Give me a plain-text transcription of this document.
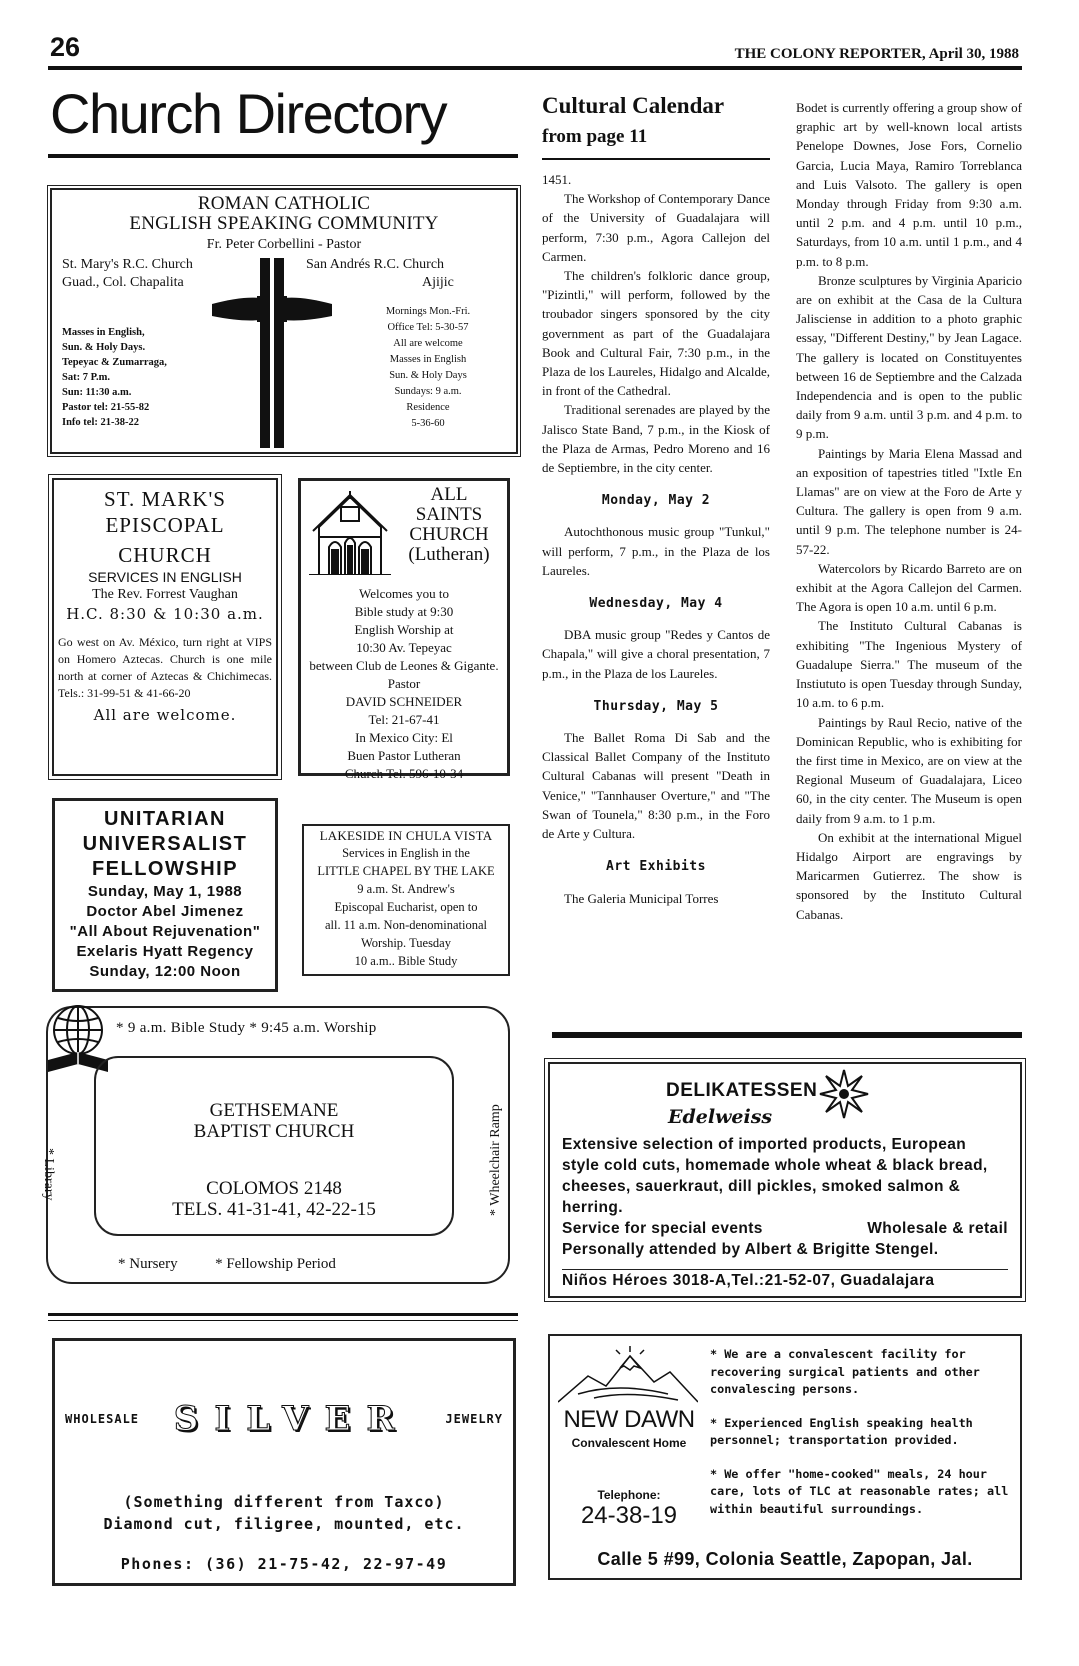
26	THE COLONY REPORTER, April 30, 1988
Church Directory
ROMAN CATHOLIC
ENGLISH SPEAKING COMMUNITY
Fr. Peter Corbellini - Pastor
St. Mary's R.C. Church
Guad., Col. Chapalita
San Andrés R.C. Church
Ajijic
Masses in English,
Sun. & Holy Days.
Tepeyac & Zumarraga,
Sat: 7 P.m.
Sun: 11:30 a.m.
Pastor tel: 21-55-82
Info tel: 21-38-22
Mornings Mon.-Fri.
Office Tel: 5-30-57
All are welcome
Masses in English
Sun. & Holy Days
Sundays: 9 a.m.
Residence
5-36-60
ST. MARK'S
EPISCOPAL
CHURCH
SERVICES IN ENGLISH
The Rev. Forrest Vaughan
H.C. 8:30 & 10:30 a.m.
Go west on Av. México, turn right at VIPS on Homero Aztecas. Church is one mile north at corner of Aztecas & Chichimecas. Tels.: 31-99-51 & 41-66-20
All are welcome.
ALL
SAINTS
CHURCH
(Lutheran)
Welcomes you to
Bible study at 9:30
English Worship at
10:30 Av. Tepeyac
between Club de Leones & Gigante. Pastor
DAVID SCHNEIDER
Tel: 21-67-41
In Mexico City: El
Buen Pastor Lutheran
Church Tel. 596-10-34
UNITARIAN
UNIVERSALIST
FELLOWSHIP
Sunday, May 1, 1988
Doctor Abel Jimenez
"All About Rejuvenation"
Exelaris Hyatt Regency
Sunday, 12:00 Noon
LAKESIDE IN CHULA VISTA
Services in English in the
LITTLE CHAPEL BY THE LAKE
9 a.m. St. Andrew's
Episcopal Eucharist, open to
all. 11 a.m. Non-denominational Worship. Tuesday
10 a.m.. Bible Study
* 9 a.m. Bible Study * 9:45 a.m. Worship
GETHSEMANE
BAPTIST CHURCH
COLOMOS 2148
TELS. 41-31-41, 42-22-15
* Library	* Wheelchair Ramp
* Nursery          * Fellowship Period
WHOLESALE SILVER	JEWELRY
(Something different from Taxco)
Diamond cut, filigree, mounted, etc.
Phones: (36) 21-75-42, 22-97-49
Cultural Calendar
from page 11

1451.

The Workshop of Contemporary Dance of the University of Guadalajara will perform, 7:30 p.m., Agora Callejon del Carmen.

The children's folkloric dance group, "Pizintli," will perform, followed by the troubador singers sponsored by the city government as part of the Guadalajara Book and Cultural Fair, 7:30 p.m., in the Plaza de los Laureles, Hidalgo and Alcalde, in front of the Cathedral.

Traditional serenades are played by the Jalisco State Band, 7 p.m., in the Kiosk of the Plaza de Armas, Pedro Moreno and 16 de Septiembre, in the city center.

Monday, May 2

Autochthonous music group "Tunkul," will perform, 7 p.m., in the Plaza de los Laureles.

Wednesday, May 4

DBA music group "Redes y Cantos de Chapala," will give a choral presentation, 7 p.m., in the Plaza de los Laureles.

Thursday, May 5

The Ballet Roma Di Sab and the Classical Ballet Company of the Instituto Cultural Cabanas will present "Death in Venice," "Tannhauser Overture," and "The Swan of Tounela," 8:30 p.m., in the Foro de Arte y Cultura.

Art Exhibits

The Galeria Municipal Torres

Bodet is currently offering a group show of graphic art by well-known local artists Penelope Downes, Jose Fors, Cornelio Garcia, Lucia Maya, Ramiro Torreblanca and Luis Valsoto. The gallery is open Monday through Friday from 9:30 a.m. until 2 p.m. and 4 p.m. until 10 p.m., Saturdays, from 10 a.m. until 1 p.m., and 4 p.m. to 8 p.m.

Bronze sculptures by Virginia Aparicio are on exhibit at the Casa de la Cultura Jalisciense in addition to a photo graphic essay, "Different Destiny," by Jean Lagace. The gallery is located on Constituyentes between 16 de Septiembre and the Calzada Independencia and is open to the public daily from 9 a.m. until 3 p.m. and 4 p.m. to 9 p.m.

Paintings by Maria Elena Massad and an exposition of tapestries titled "Ixtle En Llamas" are on view at the Foro de Arte y Cultura. The gallery is open from 9 a.m. until 9 p.m. The telephone number is 24-57-22.

Watercolors by Ricardo Barreto are on exhibit at the Agora Callejon del Carmen. The Agora is open 10 a.m. until 6 p.m.

The Instituto Cultural Cabanas is exhibiting "The Ingenious Mystery of Guadalupe Sierra." The museum of the Instiututo is open Tuesday through Sunday, 10 a.m. to 6 p.m.

Paintings by Raul Recio, native of the Dominican Republic, who is exhibiting for the first time in Mexico, are on view at the Regional Museum of Guadalajara, Liceo 60, in the city center. The Museum is open daily from 9 a.m. to 1 p.m.

On exhibit at the international Miguel Hidalgo Airport are engravings by Maricarmen Gutierrez. The show is sponsored by the Instituto Cultural Cabanas.

DELIKATESSEN
Edelweiss
Extensive selection of imported products, European style cold cuts, homemade whole wheat & black bread, cheeses, sauerkraut, dill pickles, smoked salmon & herring.
Service for special events	Wholesale & retail
Personally attended by Albert & Brigitte Stengel.
Niños Héroes 3018-A,Tel.:21-52-07, Guadalajara
NEW DAWN
Convalescent Home
Telephone:
24-38-19

* We are a convalescent facility for recovering surgical patients and other convalescing persons.

* Experienced English speaking health personnel; transportation provided.

* We offer "home-cooked" meals, 24 hour care, lots of TLC at reasonable rates; all within beautiful surroundings.

Calle 5 #99, Colonia Seattle, Zapopan, Jal.
